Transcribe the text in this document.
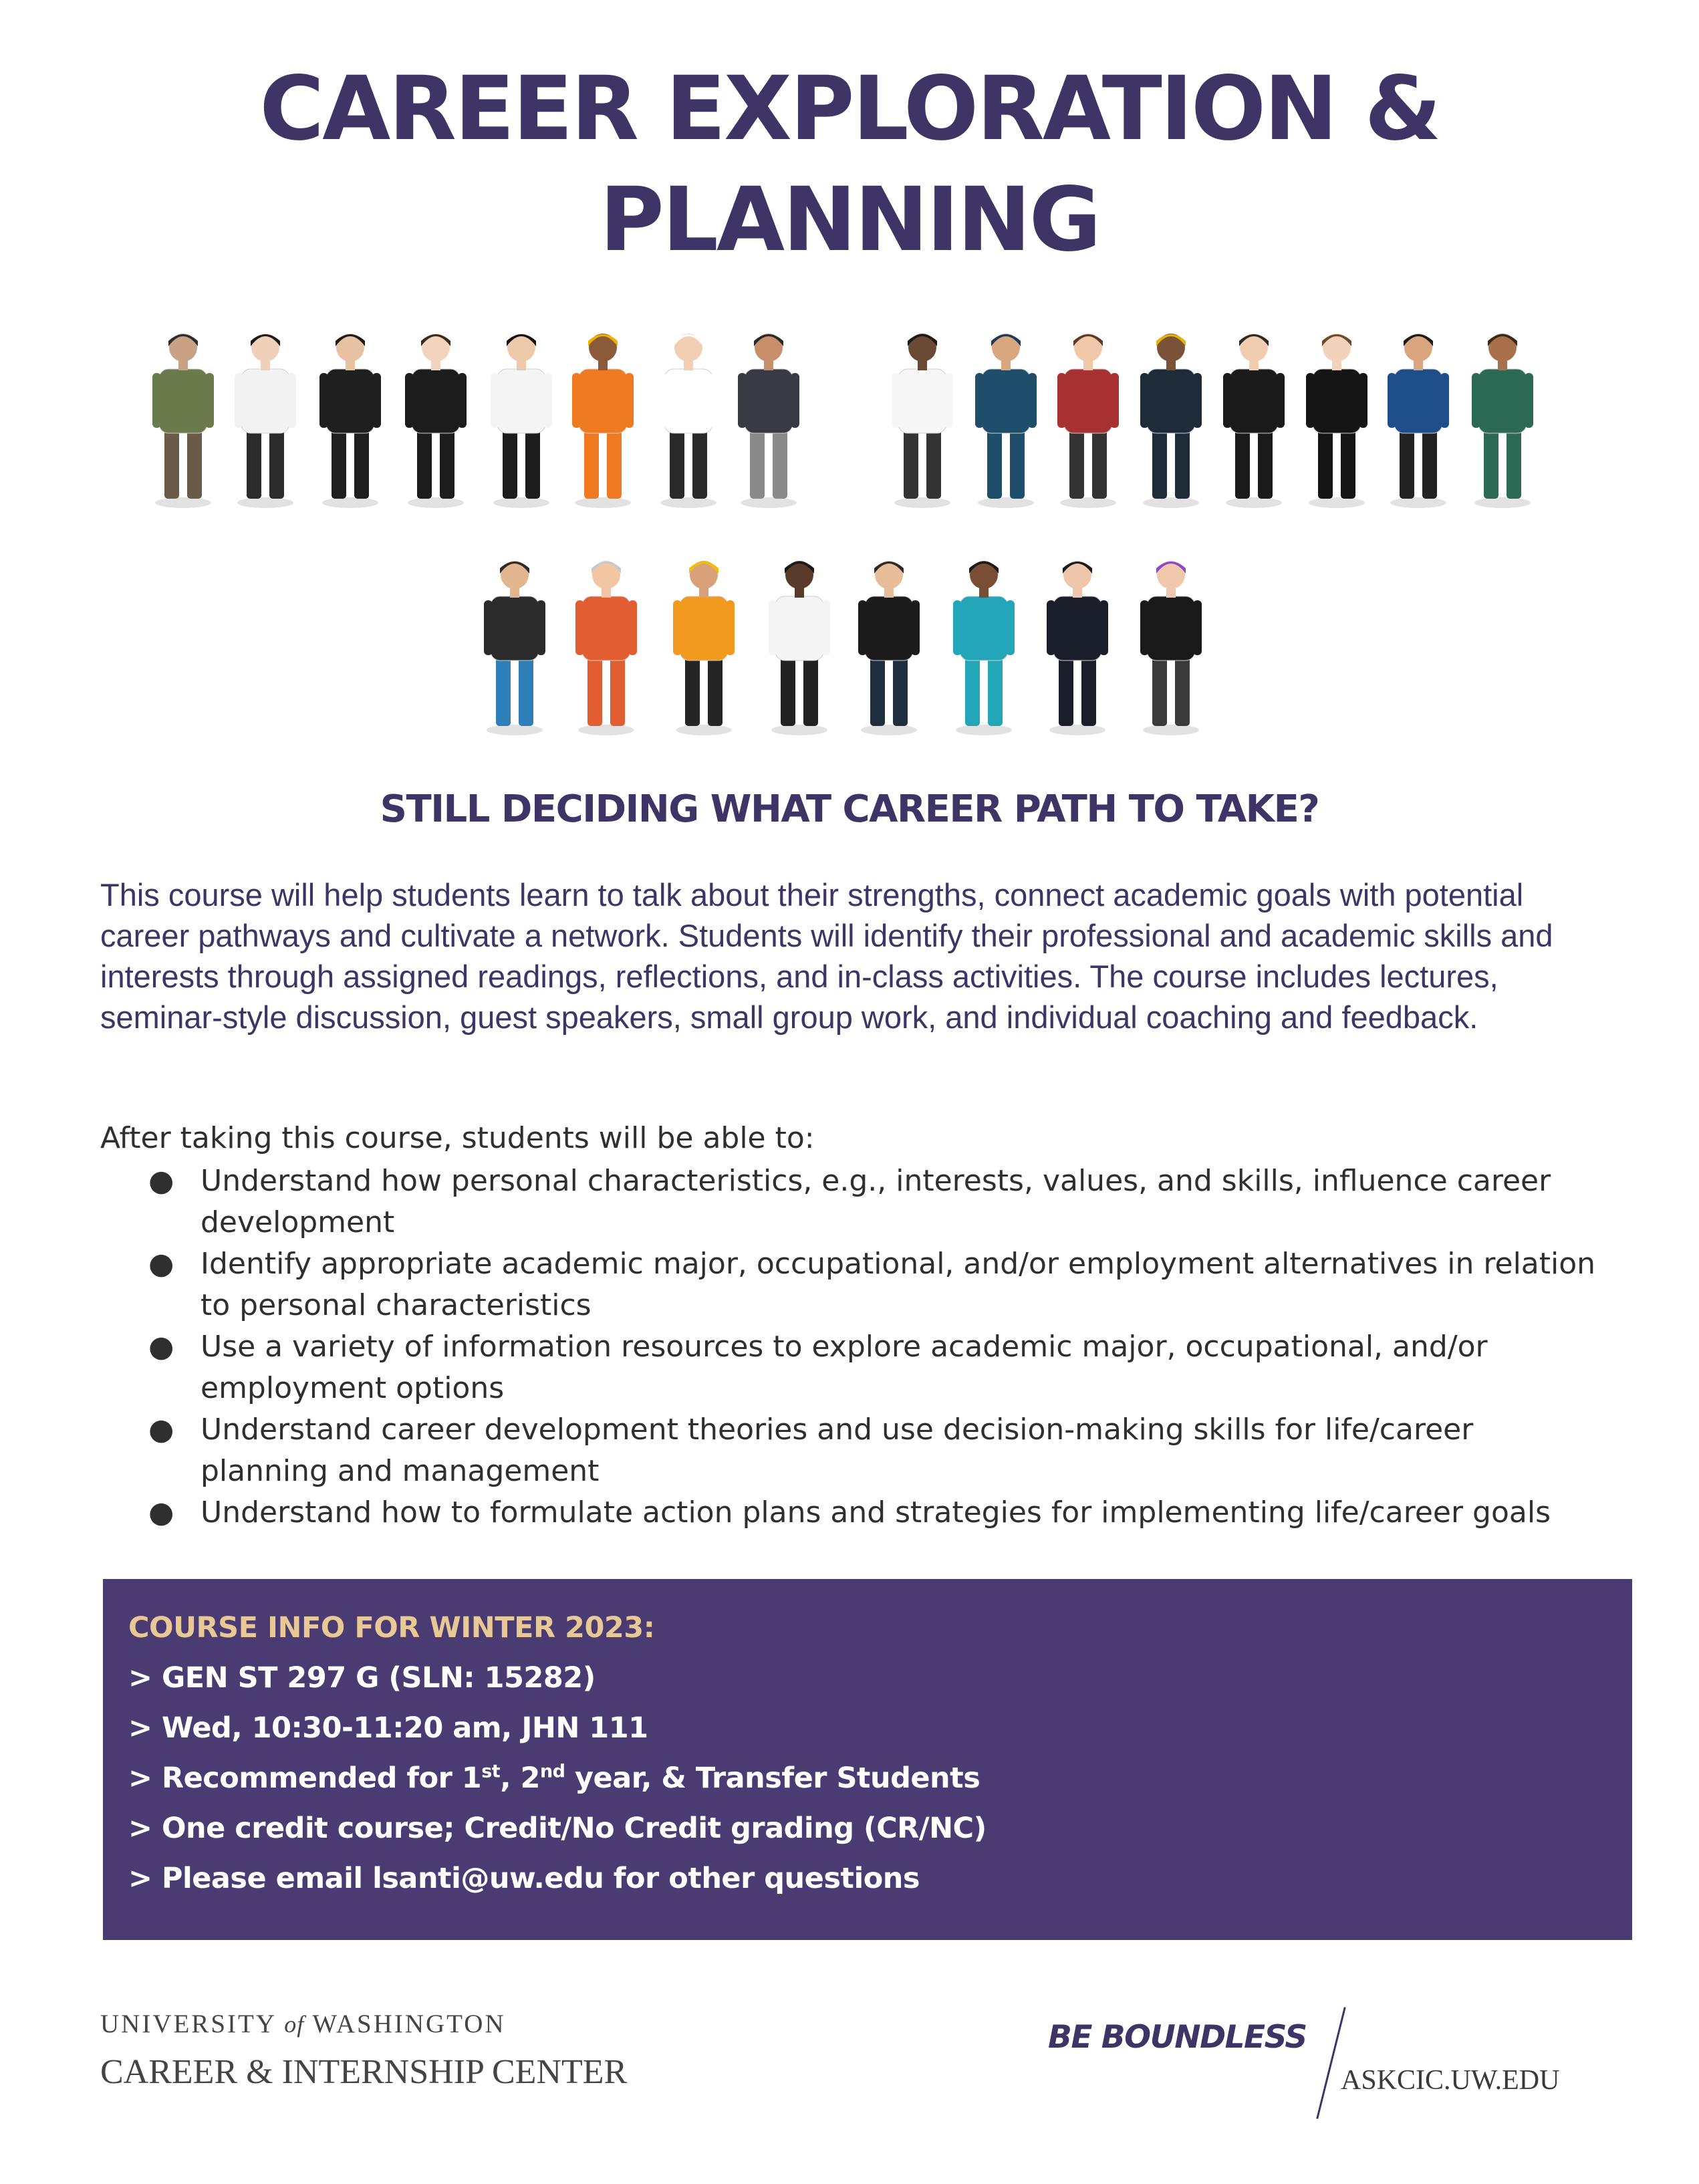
CAREER EXPLORATION &
PLANNING
STILL DECIDING WHAT CAREER PATH TO TAKE?

This course will help students learn to talk about their strengths, connect academic goals with potential career pathways and cultivate a network. Students will identify their professional and academic skills and interests through assigned readings, reflections, and in-class activities. The course includes lectures, seminar-style discussion, guest speakers, small group work, and individual coaching and feedback.

After taking this course, students will be able to:

● Understand how personal characteristics, e.g., interests, values, and skills, influence career development
● Identify appropriate academic major, occupational, and/or employment alternatives in relation to personal characteristics
● Use a variety of information resources to explore academic major, occupational, and/or employment options
● Understand career development theories and use decision-making skills for life/career planning and management
● Understand how to formulate action plans and strategies for implementing life/career goals
COURSE INFO FOR WINTER 2023:
> GEN ST 297 G (SLN: 15282)
> Wed, 10:30-11:20 am, JHN 111
> Recommended for 1st, 2nd year, & Transfer Students
> One credit course; Credit/No Credit grading (CR/NC)
> Please email lsanti@uw.edu for other questions
UNIVERSITY of WASHINGTON
CAREER & INTERNSHIP CENTER
BE BOUNDLESS
ASKCIC.UW.EDU
